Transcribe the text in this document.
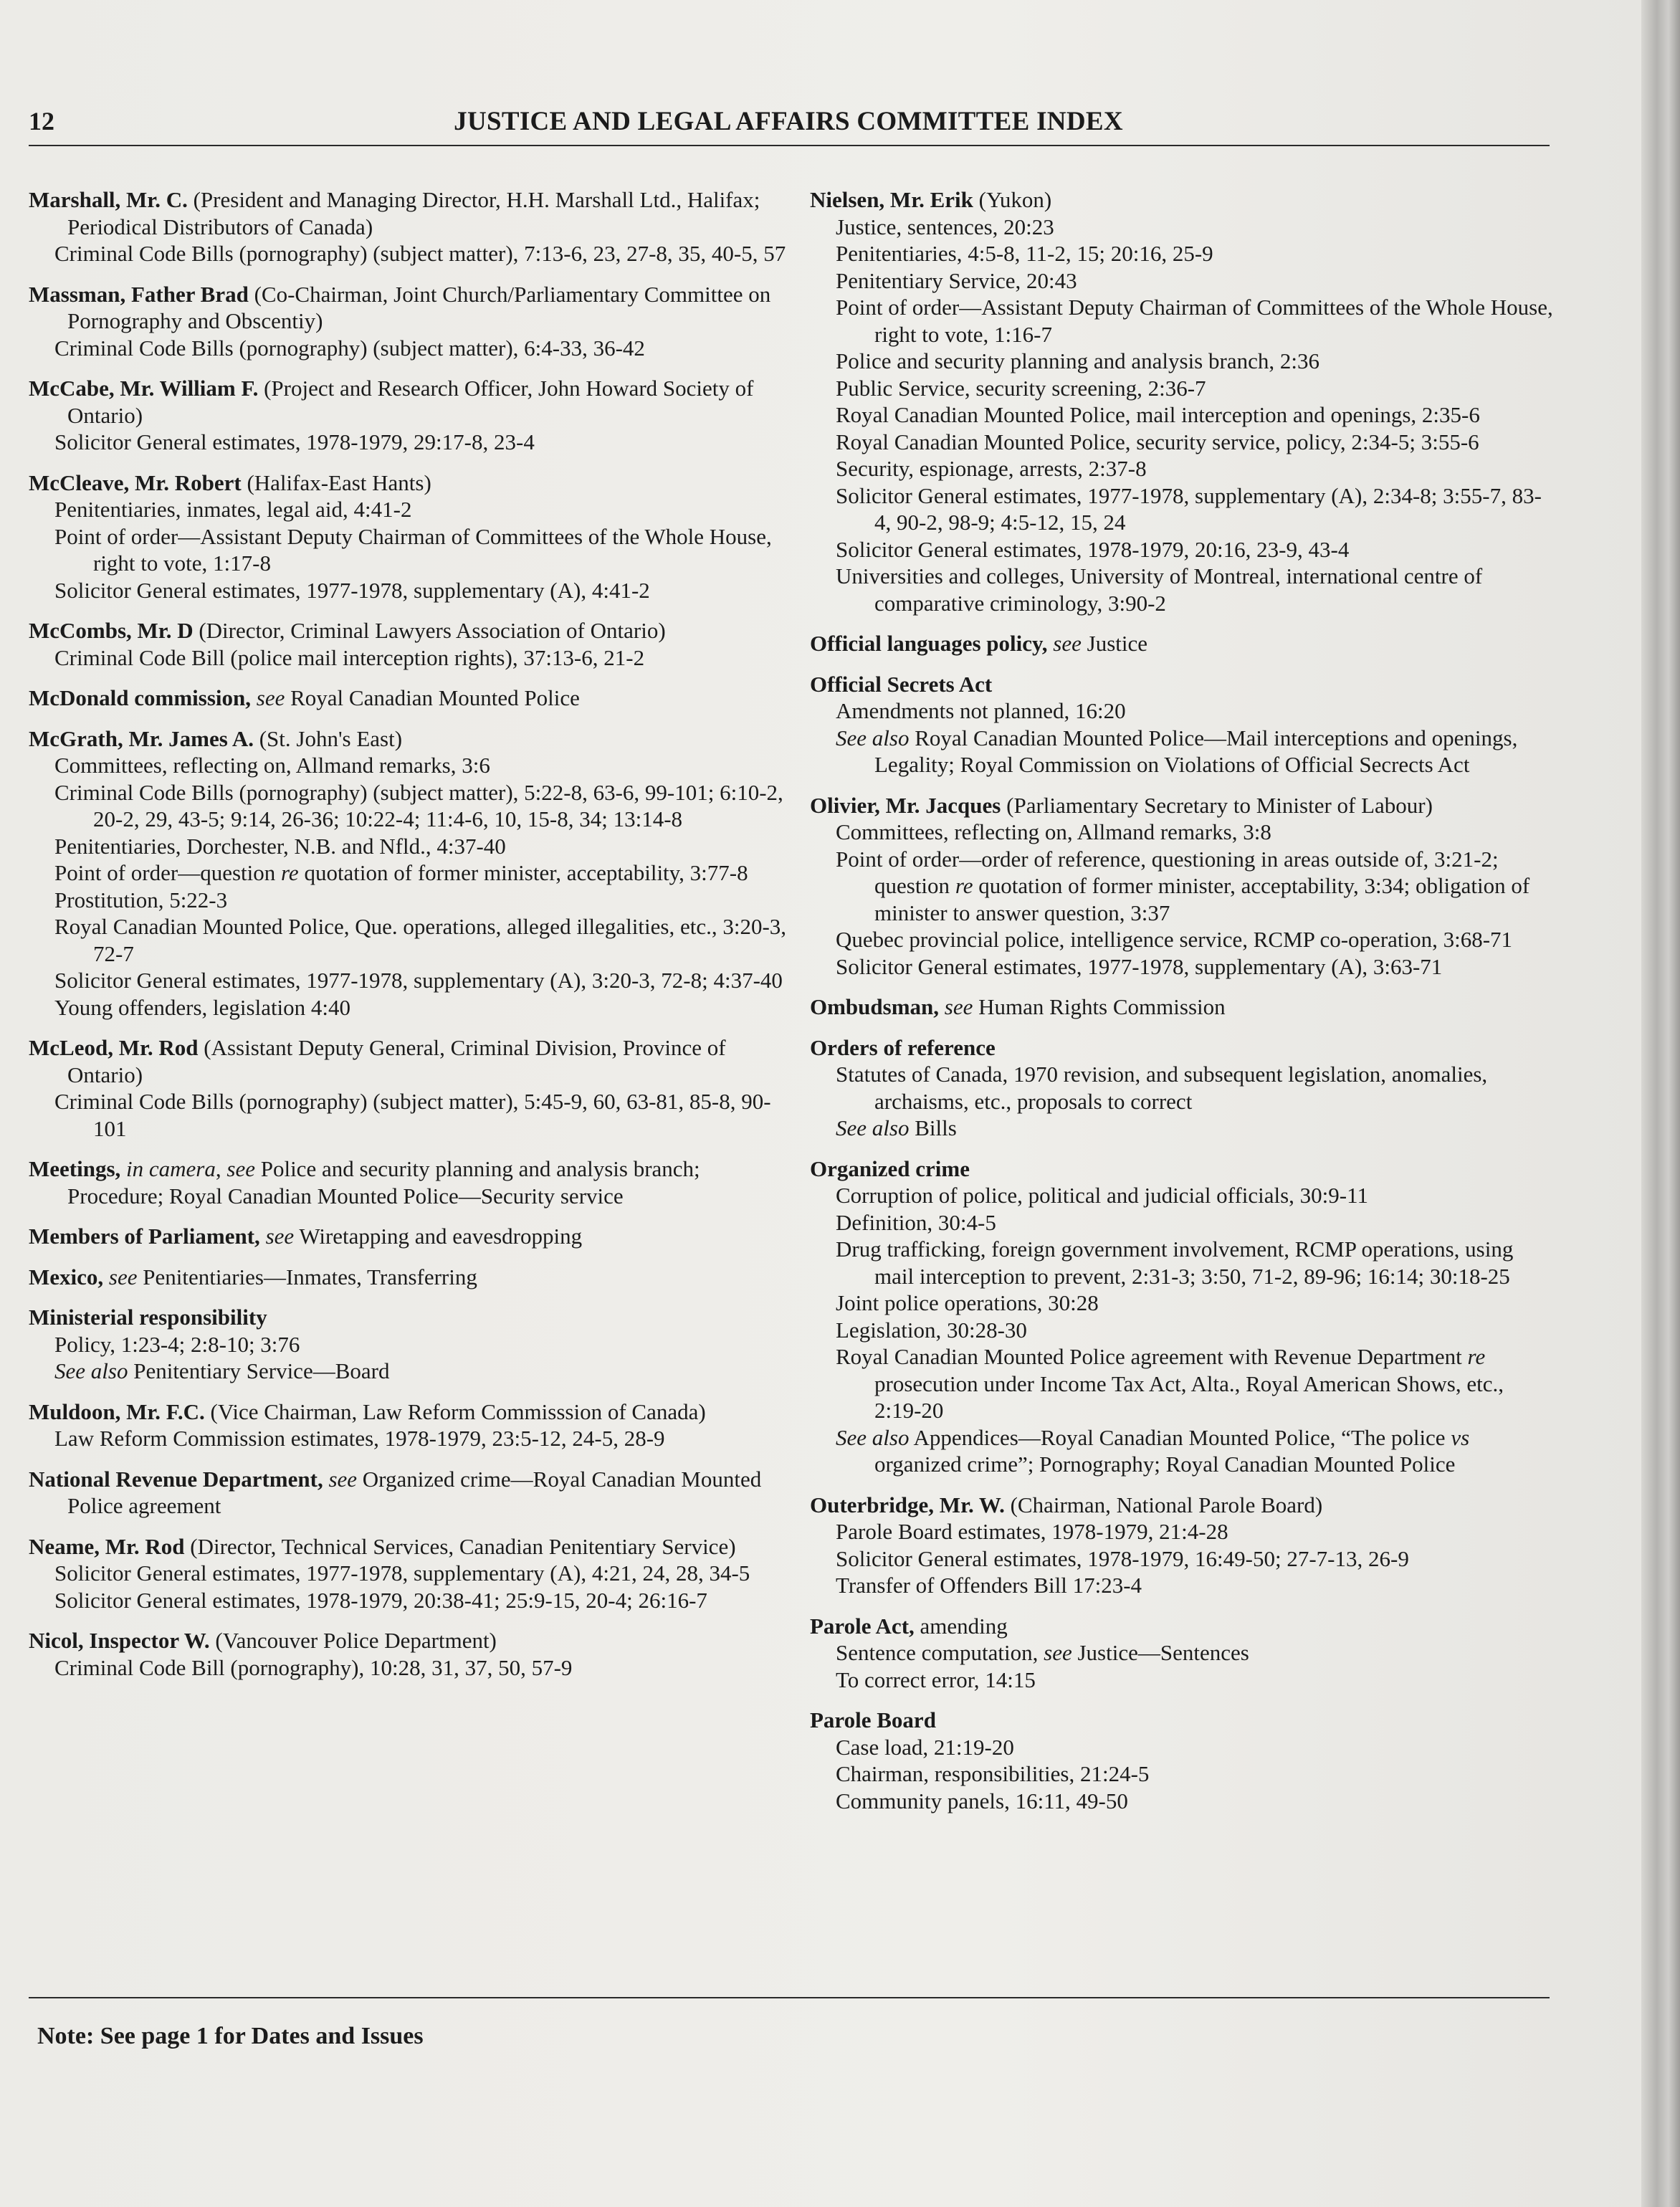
12	JUSTICE AND LEGAL AFFAIRS COMMITTEE INDEX
Marshall, Mr. C. (President and Managing Director, H.H. Marshall Ltd., Halifax; Periodical Distributors of Canada)
Criminal Code Bills (pornography) (subject matter), 7:13-6, 23, 27-8, 35, 40-5, 57
Massman, Father Brad (Co-Chairman, Joint Church/Parliamentary Committee on Pornography and Obscentiy)
Criminal Code Bills (pornography) (subject matter), 6:4-33, 36-42
McCabe, Mr. William F. (Project and Research Officer, John Howard Society of Ontario)
Solicitor General estimates, 1978-1979, 29:17-8, 23-4
McCleave, Mr. Robert (Halifax-East Hants)
Penitentiaries, inmates, legal aid, 4:41-2
Point of order—Assistant Deputy Chairman of Committees of the Whole House, right to vote, 1:17-8
Solicitor General estimates, 1977-1978, supplementary (A), 4:41-2
McCombs, Mr. D (Director, Criminal Lawyers Association of Ontario)
Criminal Code Bill (police mail interception rights), 37:13-6, 21-2
McDonald commission, see Royal Canadian Mounted Police
McGrath, Mr. James A. (St. John's East)
Committees, reflecting on, Allmand remarks, 3:6
Criminal Code Bills (pornography) (subject matter), 5:22-8, 63-6, 99-101; 6:10-2, 20-2, 29, 43-5; 9:14, 26-36; 10:22-4; 11:4-6, 10, 15-8, 34; 13:14-8
Penitentiaries, Dorchester, N.B. and Nfld., 4:37-40
Point of order—question re quotation of former minister, acceptability, 3:77-8
Prostitution, 5:22-3
Royal Canadian Mounted Police, Que. operations, alleged illegalities, etc., 3:20-3, 72-7
Solicitor General estimates, 1977-1978, supplementary (A), 3:20-3, 72-8; 4:37-40
Young offenders, legislation 4:40
McLeod, Mr. Rod (Assistant Deputy General, Criminal Division, Province of Ontario)
Criminal Code Bills (pornography) (subject matter), 5:45-9, 60, 63-81, 85-8, 90-101
Meetings, in camera, see Police and security planning and analysis branch; Procedure; Royal Canadian Mounted Police—Security service
Members of Parliament, see Wiretapping and eavesdropping
Mexico, see Penitentiaries—Inmates, Transferring
Ministerial responsibility
Policy, 1:23-4; 2:8-10; 3:76
See also Penitentiary Service—Board
Muldoon, Mr. F.C. (Vice Chairman, Law Reform Commisssion of Canada)
Law Reform Commission estimates, 1978-1979, 23:5-12, 24-5, 28-9
National Revenue Department, see Organized crime—Royal Canadian Mounted Police agreement
Neame, Mr. Rod (Director, Technical Services, Canadian Penitentiary Service)
Solicitor General estimates, 1977-1978, supplementary (A), 4:21, 24, 28, 34-5
Solicitor General estimates, 1978-1979, 20:38-41; 25:9-15, 20-4; 26:16-7
Nicol, Inspector W. (Vancouver Police Department)
Criminal Code Bill (pornography), 10:28, 31, 37, 50, 57-9
Nielsen, Mr. Erik (Yukon)
Justice, sentences, 20:23
Penitentiaries, 4:5-8, 11-2, 15; 20:16, 25-9
Penitentiary Service, 20:43
Point of order—Assistant Deputy Chairman of Committees of the Whole House, right to vote, 1:16-7
Police and security planning and analysis branch, 2:36
Public Service, security screening, 2:36-7
Royal Canadian Mounted Police, mail interception and openings, 2:35-6
Royal Canadian Mounted Police, security service, policy, 2:34-5; 3:55-6
Security, espionage, arrests, 2:37-8
Solicitor General estimates, 1977-1978, supplementary (A), 2:34-8; 3:55-7, 83-4, 90-2, 98-9; 4:5-12, 15, 24
Solicitor General estimates, 1978-1979, 20:16, 23-9, 43-4
Universities and colleges, University of Montreal, international centre of comparative criminology, 3:90-2
Official languages policy, see Justice
Official Secrets Act
Amendments not planned, 16:20
See also Royal Canadian Mounted Police—Mail interceptions and openings, Legality; Royal Commission on Violations of Official Secrects Act
Olivier, Mr. Jacques (Parliamentary Secretary to Minister of Labour)
Committees, reflecting on, Allmand remarks, 3:8
Point of order—order of reference, questioning in areas outside of, 3:21-2; question re quotation of former minister, acceptability, 3:34; obligation of minister to answer question, 3:37
Quebec provincial police, intelligence service, RCMP co-operation, 3:68-71
Solicitor General estimates, 1977-1978, supplementary (A), 3:63-71
Ombudsman, see Human Rights Commission
Orders of reference
Statutes of Canada, 1970 revision, and subsequent legislation, anomalies, archaisms, etc., proposals to correct
See also Bills
Organized crime
Corruption of police, political and judicial officials, 30:9-11
Definition, 30:4-5
Drug trafficking, foreign government involvement, RCMP operations, using mail interception to prevent, 2:31-3; 3:50, 71-2, 89-96; 16:14; 30:18-25
Joint police operations, 30:28
Legislation, 30:28-30
Royal Canadian Mounted Police agreement with Revenue Department re prosecution under Income Tax Act, Alta., Royal American Shows, etc., 2:19-20
See also Appendices—Royal Canadian Mounted Police, “The police vs organized crime”; Pornography; Royal Canadian Mounted Police
Outerbridge, Mr. W. (Chairman, National Parole Board)
Parole Board estimates, 1978-1979, 21:4-28
Solicitor General estimates, 1978-1979, 16:49-50; 27-7-13, 26-9
Transfer of Offenders Bill 17:23-4
Parole Act, amending
Sentence computation, see Justice—Sentences
To correct error, 14:15
Parole Board
Case load, 21:19-20
Chairman, responsibilities, 21:24-5
Community panels, 16:11, 49-50
Note: See page 1 for Dates and Issues
